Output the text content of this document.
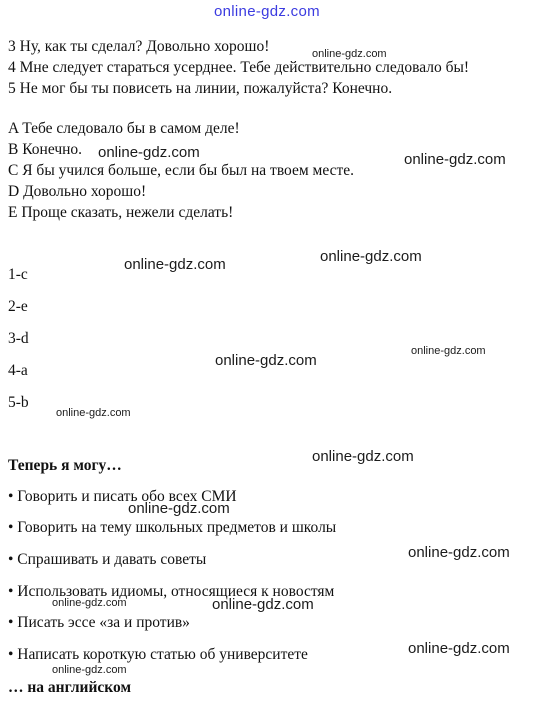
online-gdz.com
3 Ну, как ты сделал? Довольно хорошо!
4 Мне следует стараться усерднее. Тебе действительно следовало бы!
5 Не мог бы ты повисеть на линии, пожалуйста? Конечно.
A Тебе следовало бы в самом деле!
B Конечно.
C Я бы учился больше, если бы был на твоем месте.
D Довольно хорошо!
E Проще сказать, нежели сделать!
1-c
2-e
3-d
4-a
5-b
Теперь я могу…
• Говорить и писать обо всех СМИ
• Говорить на тему школьных предметов и школы
• Спрашивать и давать советы
• Использовать идиомы, относящиеся к новостям
• Писать эссе «за и против»
• Написать короткую статью об университете
… на английском
online-gdz.com	online-gdz.com
online-gdz.com
online-gdz.com
online-gdz.com
online-gdz.com
online-gdz.com
online-gdz.com
online-gdz.com
online-gdz.com
online-gdz.com
online-gdz.com
online-gdz.com
online-gdz.com
online-gdz.com
